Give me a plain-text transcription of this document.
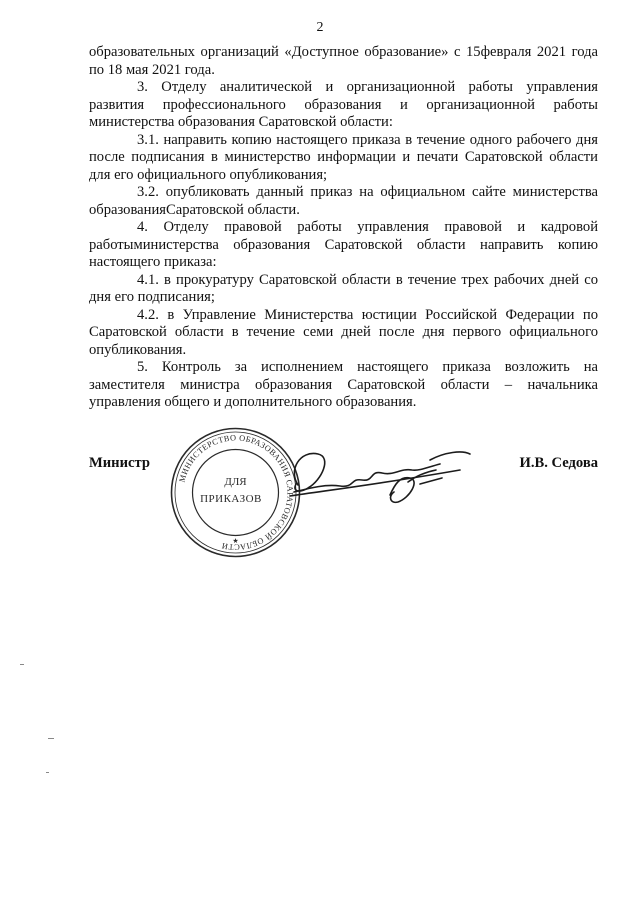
2

образовательных организаций «Доступное образование» с 15февраля 2021 года по 18 мая 2021 года.

3. Отделу аналитической и организационной работы управления развития профессионального образования и организационной работы министерства образования Саратовской области:

3.1. направить копию настоящего приказа в течение одного рабочего дня после подписания в министерство информации и печати Саратовской области для его официального опубликования;

3.2. опубликовать данный приказ на официальном сайте министерства образованияСаратовской области.

4. Отделу правовой работы управления правовой и кадровой работыминистерства образования Саратовской области направить копию настоящего приказа:

4.1. в прокуратуру Саратовской области в течение трех рабочих дней со дня его подписания;

4.2. в Управление Министерства юстиции Российской Федерации по Саратовской области в течение семи дней после дня первого официального опубликования.

5. Контроль за исполнением настоящего приказа возложить на заместителя министра образования Саратовской области – начальника управления общего и дополнительного образования.

Министр	И.В. Седова
МИНИСТЕРСТВО ОБРАЗОВАНИЯ САРАТОВСКОЙ ОБЛАСТИ
ДЛЯ
ПРИКАЗОВ
★
